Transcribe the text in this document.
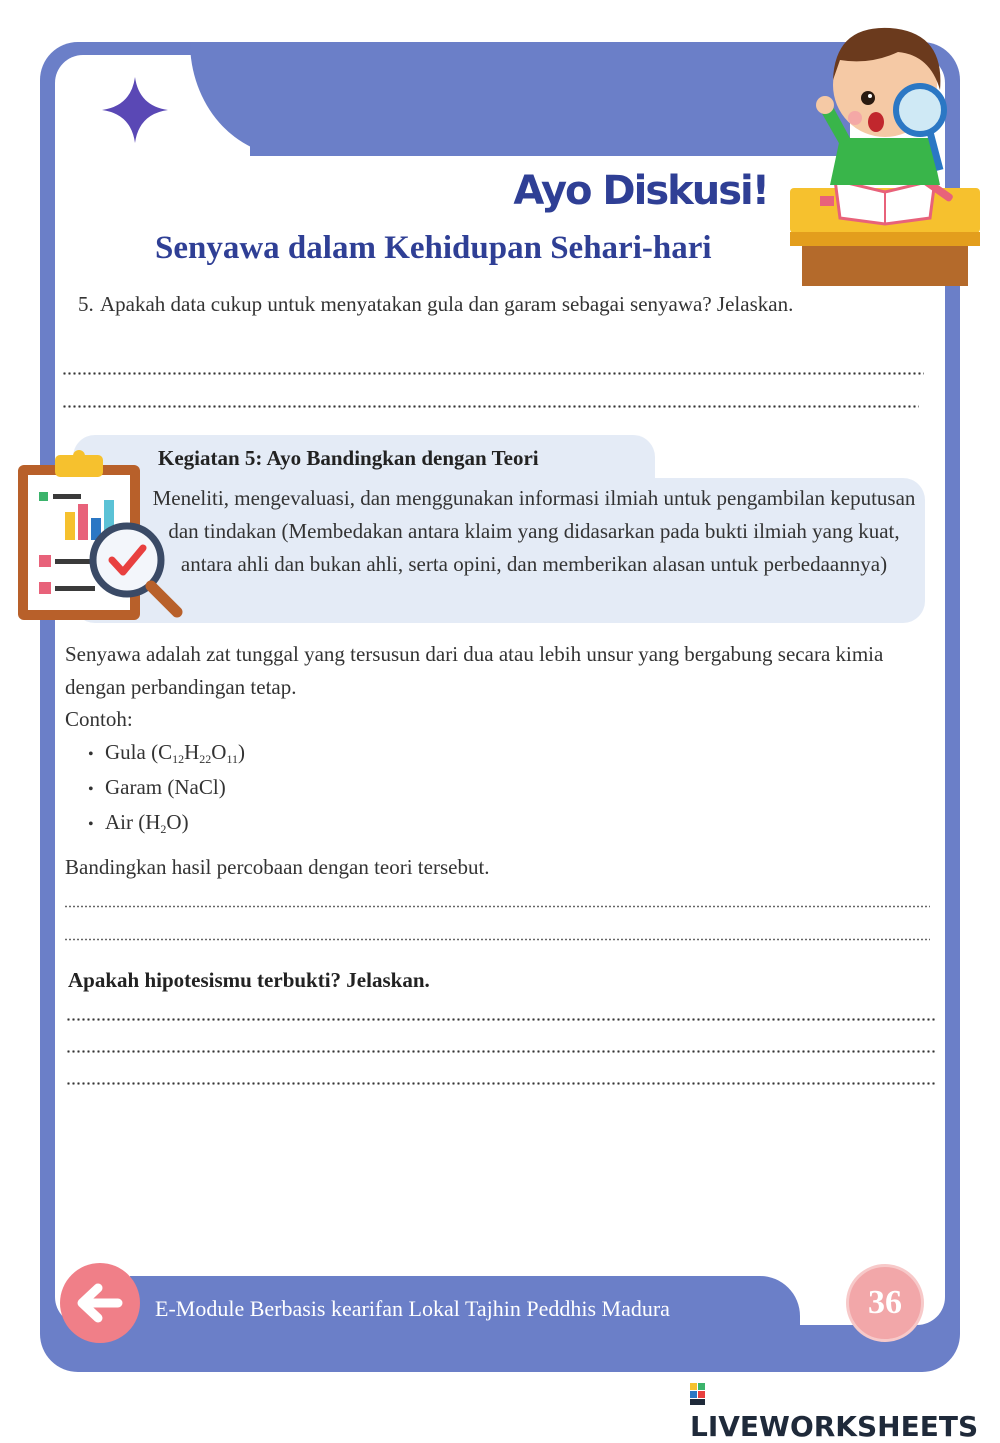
Ayo Diskusi!
Senyawa dalam Kehidupan Sehari-hari
5. Apakah data cukup untuk menyatakan gula dan garam sebagai senyawa? Jelaskan.
Kegiatan 5: Ayo Bandingkan dengan Teori
Meneliti, mengevaluasi, dan menggunakan informasi ilmiah untuk pengambilan keputusan dan tindakan (Membedakan antara klaim yang didasarkan pada bukti ilmiah yang kuat, antara ahli dan bukan ahli, serta opini, dan memberikan alasan untuk perbedaannya)
Senyawa adalah zat tunggal yang tersusun dari dua atau lebih unsur yang bergabung secara kimia dengan perbandingan tetap.
Contoh:
• Gula $(C_{12}H_{22}O_{11})$
• Garam (NaCl)
• Air $(H_2O)$
Bandingkan hasil percobaan dengan teori tersebut.
Apakah hipotesismu terbukti? Jelaskan.
E-Module Berbasis kearifan Lokal Tajhin Peddhis Madura	36
LIVEWORKSHEETS
